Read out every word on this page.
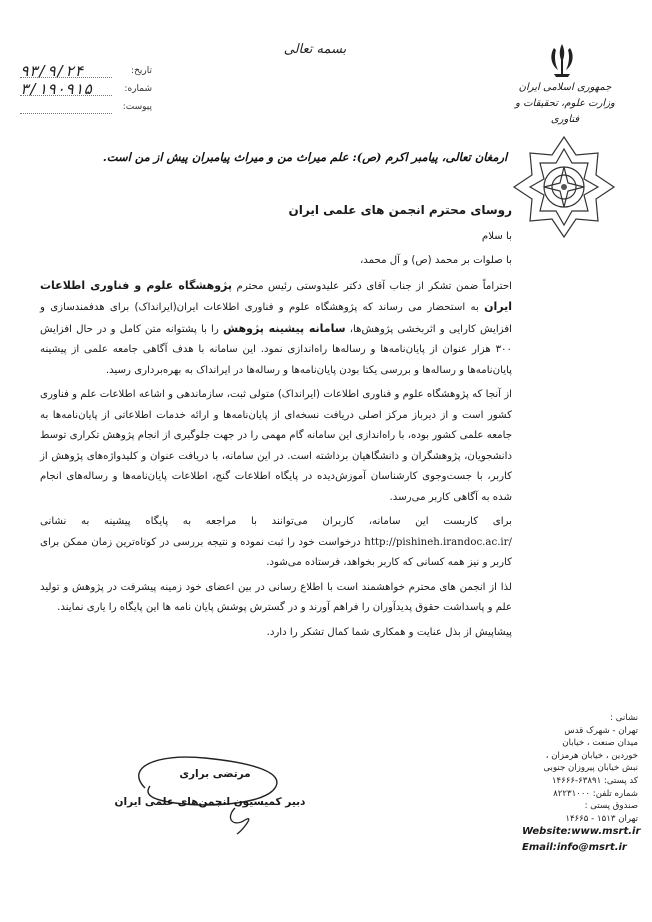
بسمه تعالی
جمهوری اسلامی ایران
وزارت علوم، تحقیقات و فناوری
۹۳/۹/۲۴	تاریخ:
۳/۱۹۰۹۱۵	شماره:
پیوست:
ارمغان تعالی، پیامبر اکرم (ص): علم میراث من و میراث پیامبران پیش از من است.
روسای محترم انجمن های علمی ایران
با سلام
با صلوات بر محمد (ص) و آل محمد،

احتراماً ضمن تشکر از جناب آقای دکتر علیدوستی رئیس محترم پژوهشگاه علوم و فناوری اطلاعات ایران به استحضار می رساند که پژوهشگاه علوم و فناوری اطلاعات ایران(ایرانداک) برای هدفمندسازی و افزایش کارایی و اثربخشی پژوهش‌ها، سامانه پیشینه پژوهش را با پشتوانه متن کامل و در حال افزایش ۳۰۰ هزار عنوان از پایان‌نامه‌ها و رساله‌ها راه‌اندازی نمود. این سامانه با هدف آگاهی جامعه علمی از پیشینه پایان‌نامه‌ها و رساله‌ها و بررسی یکتا بودن پایان‌نامه‌ها و رساله‌ها در ایرانداک به بهره‌برداری رسید.

از آنجا که پژوهشگاه علوم و فناوری اطلاعات (ایرانداک) متولی ثبت، سازماندهی و اشاعه اطلاعات علم و فناوری کشور است و از دیرباز مرکز اصلی دریافت نسخه‌ای از پایان‌نامه‌ها و ارائه خدمات اطلاعاتی از پایان‌نامه‌ها به جامعه علمی کشور بوده، با راه‌اندازی این سامانه گام مهمی را در جهت جلوگیری از انجام پژوهش تکراری توسط دانشجویان، پژوهشگران و دانشگاهیان برداشته است. در این سامانه، با دریافت عنوان و کلیدواژه‌های پژوهش از کاربر، با جست‌وجوی کارشناسان آموزش‌دیده در پایگاه اطلاعات گنج، اطلاعات پایان‌نامه‌ها و رساله‌های انجام شده به آگاهی کاربر می‌رسد.

برای کاربست این سامانه، کاربران می‌توانند با مراجعه به پایگاه پیشینه به نشانی http://pishineh.irandoc.ac.ir/ درخواست خود را ثبت نموده و نتیجه بررسی در کوتاه‌ترین زمان ممکن برای کاربر و نیز همه کسانی که کاربر بخواهد، فرستاده می‌شود.

لذا از انجمن های محترم خواهشمند است با اطلاع رسانی در بین اعضای خود زمینه پیشرفت در پژوهش و تولید علم و پاسداشت حقوق پدیدآوران را فراهم آورند و در گسترش پوشش پایان نامه ها این پایگاه را یاری نمایند.

پیشاپیش از بذل عنایت و همکاری شما کمال تشکر را دارد.

مرتضی براری
دبیر کمیسیون انجمن‌های علمی ایران
نشانی :
تهران - شهرک قدس
میدان صنعت ، خیابان
خوردین ، خیابان هرمزان ،
نبش خیابان پیروزان جنوبی
کد پستی: ۶۳۸۹۱-۱۴۶۶۶
شماره تلفن: ۸۲۲۳۱۰۰۰
صندوق پستی :
تهران ۱۵۱۳ - ۱۴۶۶۵
Website:www.msrt.ir
Email:info@msrt.ir
